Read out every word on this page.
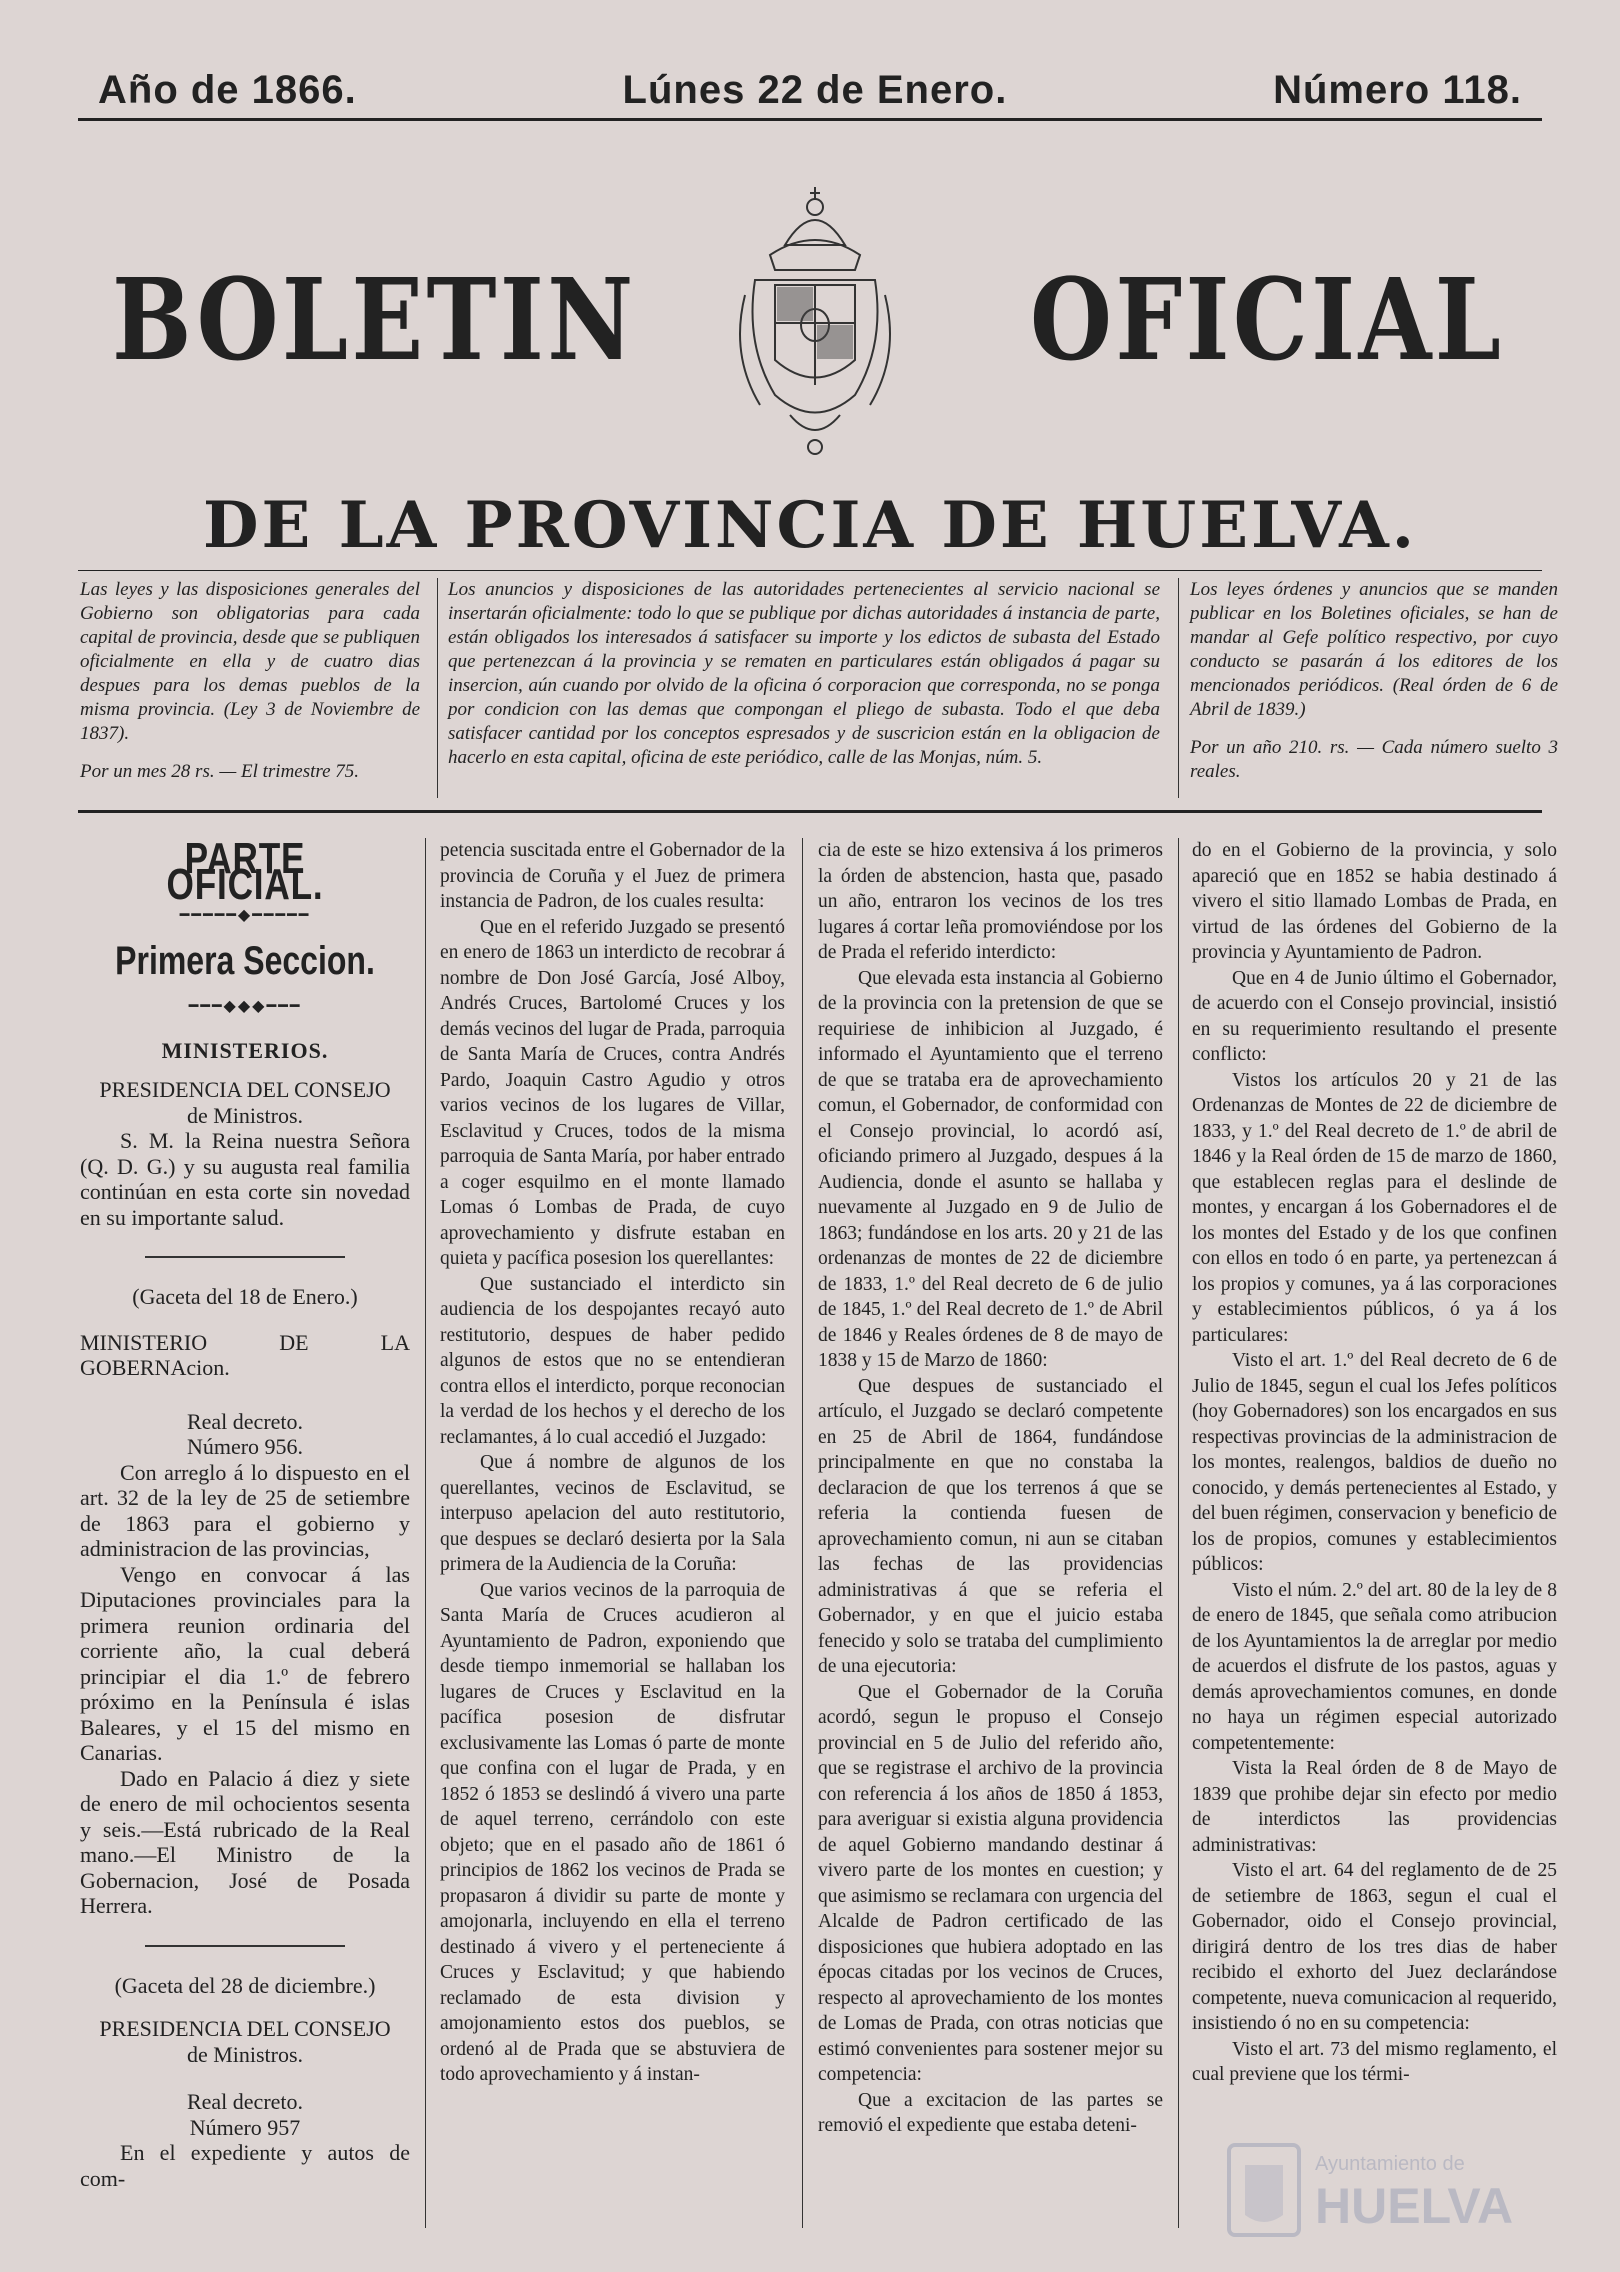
Año de 1866.	Lúnes 22 de Enero.	Número 118.
BOLETIN	OFICIAL
DE LA PROVINCIA DE HUELVA.
Las leyes y las disposiciones generales del Gobierno son obligatorias para cada capital de provincia, desde que se publiquen oficialmente en ella y de cuatro dias despues para los demas pueblos de la misma provincia. (Ley 3 de Noviembre de 1837).
Por un mes 28 rs. — El trimestre 75.
Los anuncios y disposiciones de las autoridades pertenecientes al servicio nacional se insertarán oficialmente: todo lo que se publique por dichas autoridades á instancia de parte, están obligados los interesados á satisfacer su importe y los edictos de subasta del Estado que pertenezcan á la provincia y se rematen en particulares están obligados á pagar su insercion, aún cuando por olvido de la oficina ó corporacion que corresponda, no se ponga por condicion con las demas que compongan el pliego de subasta. Todo el que deba satisfacer cantidad por los conceptos espresados y de suscricion están en la obligacion de hacerlo en esta capital, oficina de este periódico, calle de las Monjas, núm. 5.
Los leyes órdenes y anuncios que se manden publicar en los Boletines oficiales, se han de mandar al Gefe político respectivo, por cuyo conducto se pasarán á los editores de los mencionados periódicos. (Real órden de 6 de Abril de 1839.)
Por un año 210. rs. — Cada número suelto 3 reales.
PARTE OFICIAL.
━━━━━◆━━━━━
Primera Seccion.
━━━◆◆◆━━━
MINISTERIOS.
PRESIDENCIA DEL CONSEJO
de Ministros.

S. M. la Reina nuestra Señora (Q. D. G.) y su augusta real familia continúan en esta corte sin novedad en su importante salud.

(Gaceta del 18 de Enero.)
MINISTERIO DE LA GOBERNAcion.
Real decreto.
Número 956.

Con arreglo á lo dispuesto en el art. 32 de la ley de 25 de setiembre de 1863 para el gobierno y administracion de las provincias,

Vengo en convocar á las Diputaciones provinciales para la primera reunion ordinaria del corriente año, la cual deberá principiar el dia 1.º de febrero próximo en la Península é islas Baleares, y el 15 del mismo en Canarias.

Dado en Palacio á diez y siete de enero de mil ochocientos sesenta y seis.—Está rubricado de la Real mano.—El Ministro de la Gobernacion, José de Posada Herrera.

(Gaceta del 28 de diciembre.)
PRESIDENCIA DEL CONSEJO
de Ministros.
Real decreto.
Número 957

En el expediente y autos de com-

petencia suscitada entre el Gobernador de la provincia de Coruña y el Juez de primera instancia de Padron, de los cuales resulta:

Que en el referido Juzgado se presentó en enero de 1863 un interdicto de recobrar á nombre de Don José García, José Alboy, Andrés Cruces, Bartolomé Cruces y los demás vecinos del lugar de Prada, parroquia de Santa María de Cruces, contra Andrés Pardo, Joaquin Castro Agudio y otros varios vecinos de los lugares de Villar, Esclavitud y Cruces, todos de la misma parroquia de Santa María, por haber entrado a coger esquilmo en el monte llamado Lomas ó Lombas de Prada, de cuyo aprovechamiento y disfrute estaban en quieta y pacífica posesion los querellantes:

Que sustanciado el interdicto sin audiencia de los despojantes recayó auto restitutorio, despues de haber pedido algunos de estos que no se entendieran contra ellos el interdicto, porque reconocian la verdad de los hechos y el derecho de los reclamantes, á lo cual accedió el Juzgado:

Que á nombre de algunos de los querellantes, vecinos de Esclavitud, se interpuso apelacion del auto restitutorio, que despues se declaró desierta por la Sala primera de la Audiencia de la Coruña:

Que varios vecinos de la parroquia de Santa María de Cruces acudieron al Ayuntamiento de Padron, exponiendo que desde tiempo inmemorial se hallaban los lugares de Cruces y Esclavitud en la pacífica posesion de disfrutar exclusivamente las Lomas ó parte de monte que confina con el lugar de Prada, y en 1852 ó 1853 se deslindó á vivero una parte de aquel terreno, cerrándolo con este objeto; que en el pasado año de 1861 ó principios de 1862 los vecinos de Prada se propasaron á dividir su parte de monte y amojonarla, incluyendo en ella el terreno destinado á vivero y el perteneciente á Cruces y Esclavitud; y que habiendo reclamado de esta division y amojonamiento estos dos pueblos, se ordenó al de Prada que se abstuviera de todo aprovechamiento y á instan-

cia de este se hizo extensiva á los primeros la órden de abstencion, hasta que, pasado un año, entraron los vecinos de los tres lugares á cortar leña promoviéndose por los de Prada el referido interdicto:

Que elevada esta instancia al Gobierno de la provincia con la pretension de que se requiriese de inhibicion al Juzgado, é informado el Ayuntamiento que el terreno de que se trataba era de aprovechamiento comun, el Gobernador, de conformidad con el Consejo provincial, lo acordó así, oficiando primero al Juzgado, despues á la Audiencia, donde el asunto se hallaba y nuevamente al Juzgado en 9 de Julio de 1863; fundándose en los arts. 20 y 21 de las ordenanzas de montes de 22 de diciembre de 1833, 1.º del Real decreto de 6 de julio de 1845, 1.º del Real decreto de 1.º de Abril de 1846 y Reales órdenes de 8 de mayo de 1838 y 15 de Marzo de 1860:

Que despues de sustanciado el artículo, el Juzgado se declaró competente en 25 de Abril de 1864, fundándose principalmente en que no constaba la declaracion de que los terrenos á que se referia la contienda fuesen de aprovechamiento comun, ni aun se citaban las fechas de las providencias administrativas á que se referia el Gobernador, y en que el juicio estaba fenecido y solo se trataba del cumplimiento de una ejecutoria:

Que el Gobernador de la Coruña acordó, segun le propuso el Consejo provincial en 5 de Julio del referido año, que se registrase el archivo de la provincia con referencia á los años de 1850 á 1853, para averiguar si existia alguna providencia de aquel Gobierno mandando destinar á vivero parte de los montes en cuestion; y que asimismo se reclamara con urgencia del Alcalde de Padron certificado de las disposiciones que hubiera adoptado en las épocas citadas por los vecinos de Cruces, respecto al aprovechamiento de los montes de Lomas de Prada, con otras noticias que estimó convenientes para sostener mejor su competencia:

Que a excitacion de las partes se removió el expediente que estaba deteni-

do en el Gobierno de la provincia, y solo apareció que en 1852 se habia destinado á vivero el sitio llamado Lombas de Prada, en virtud de las órdenes del Gobierno de la provincia y Ayuntamiento de Padron.

Que en 4 de Junio último el Gobernador, de acuerdo con el Consejo provincial, insistió en su requerimiento resultando el presente conflicto:

Vistos los artículos 20 y 21 de las Ordenanzas de Montes de 22 de diciembre de 1833, y 1.º del Real decreto de 1.º de abril de 1846 y la Real órden de 15 de marzo de 1860, que establecen reglas para el deslinde de montes, y encargan á los Gobernadores el de los montes del Estado y de los que confinen con ellos en todo ó en parte, ya pertenezcan á los propios y comunes, ya á las corporaciones y establecimientos públicos, ó ya á los particulares:

Visto el art. 1.º del Real decreto de 6 de Julio de 1845, segun el cual los Jefes políticos (hoy Gobernadores) son los encargados en sus respectivas provincias de la administracion de los montes, realengos, baldios de dueño no conocido, y demás pertenecientes al Estado, y del buen régimen, conservacion y beneficio de los de propios, comunes y establecimientos públicos:

Visto el núm. 2.º del art. 80 de la ley de 8 de enero de 1845, que señala como atribucion de los Ayuntamientos la de arreglar por medio de acuerdos el disfrute de los pastos, aguas y demás aprovechamientos comunes, en donde no haya un régimen especial autorizado competentemente:

Vista la Real órden de 8 de Mayo de 1839 que prohibe dejar sin efecto por medio de interdictos las providencias administrativas:

Visto el art. 64 del reglamento de de 25 de setiembre de 1863, segun el cual el Gobernador, oido el Consejo provincial, dirigirá dentro de los tres dias de haber recibido el exhorto del Juez declarándose competente, nueva comunicacion al requerido, insistiendo ó no en su competencia:

Visto el art. 73 del mismo reglamento, el cual previene que los térmi-

Ayuntamiento de
HUELVA
